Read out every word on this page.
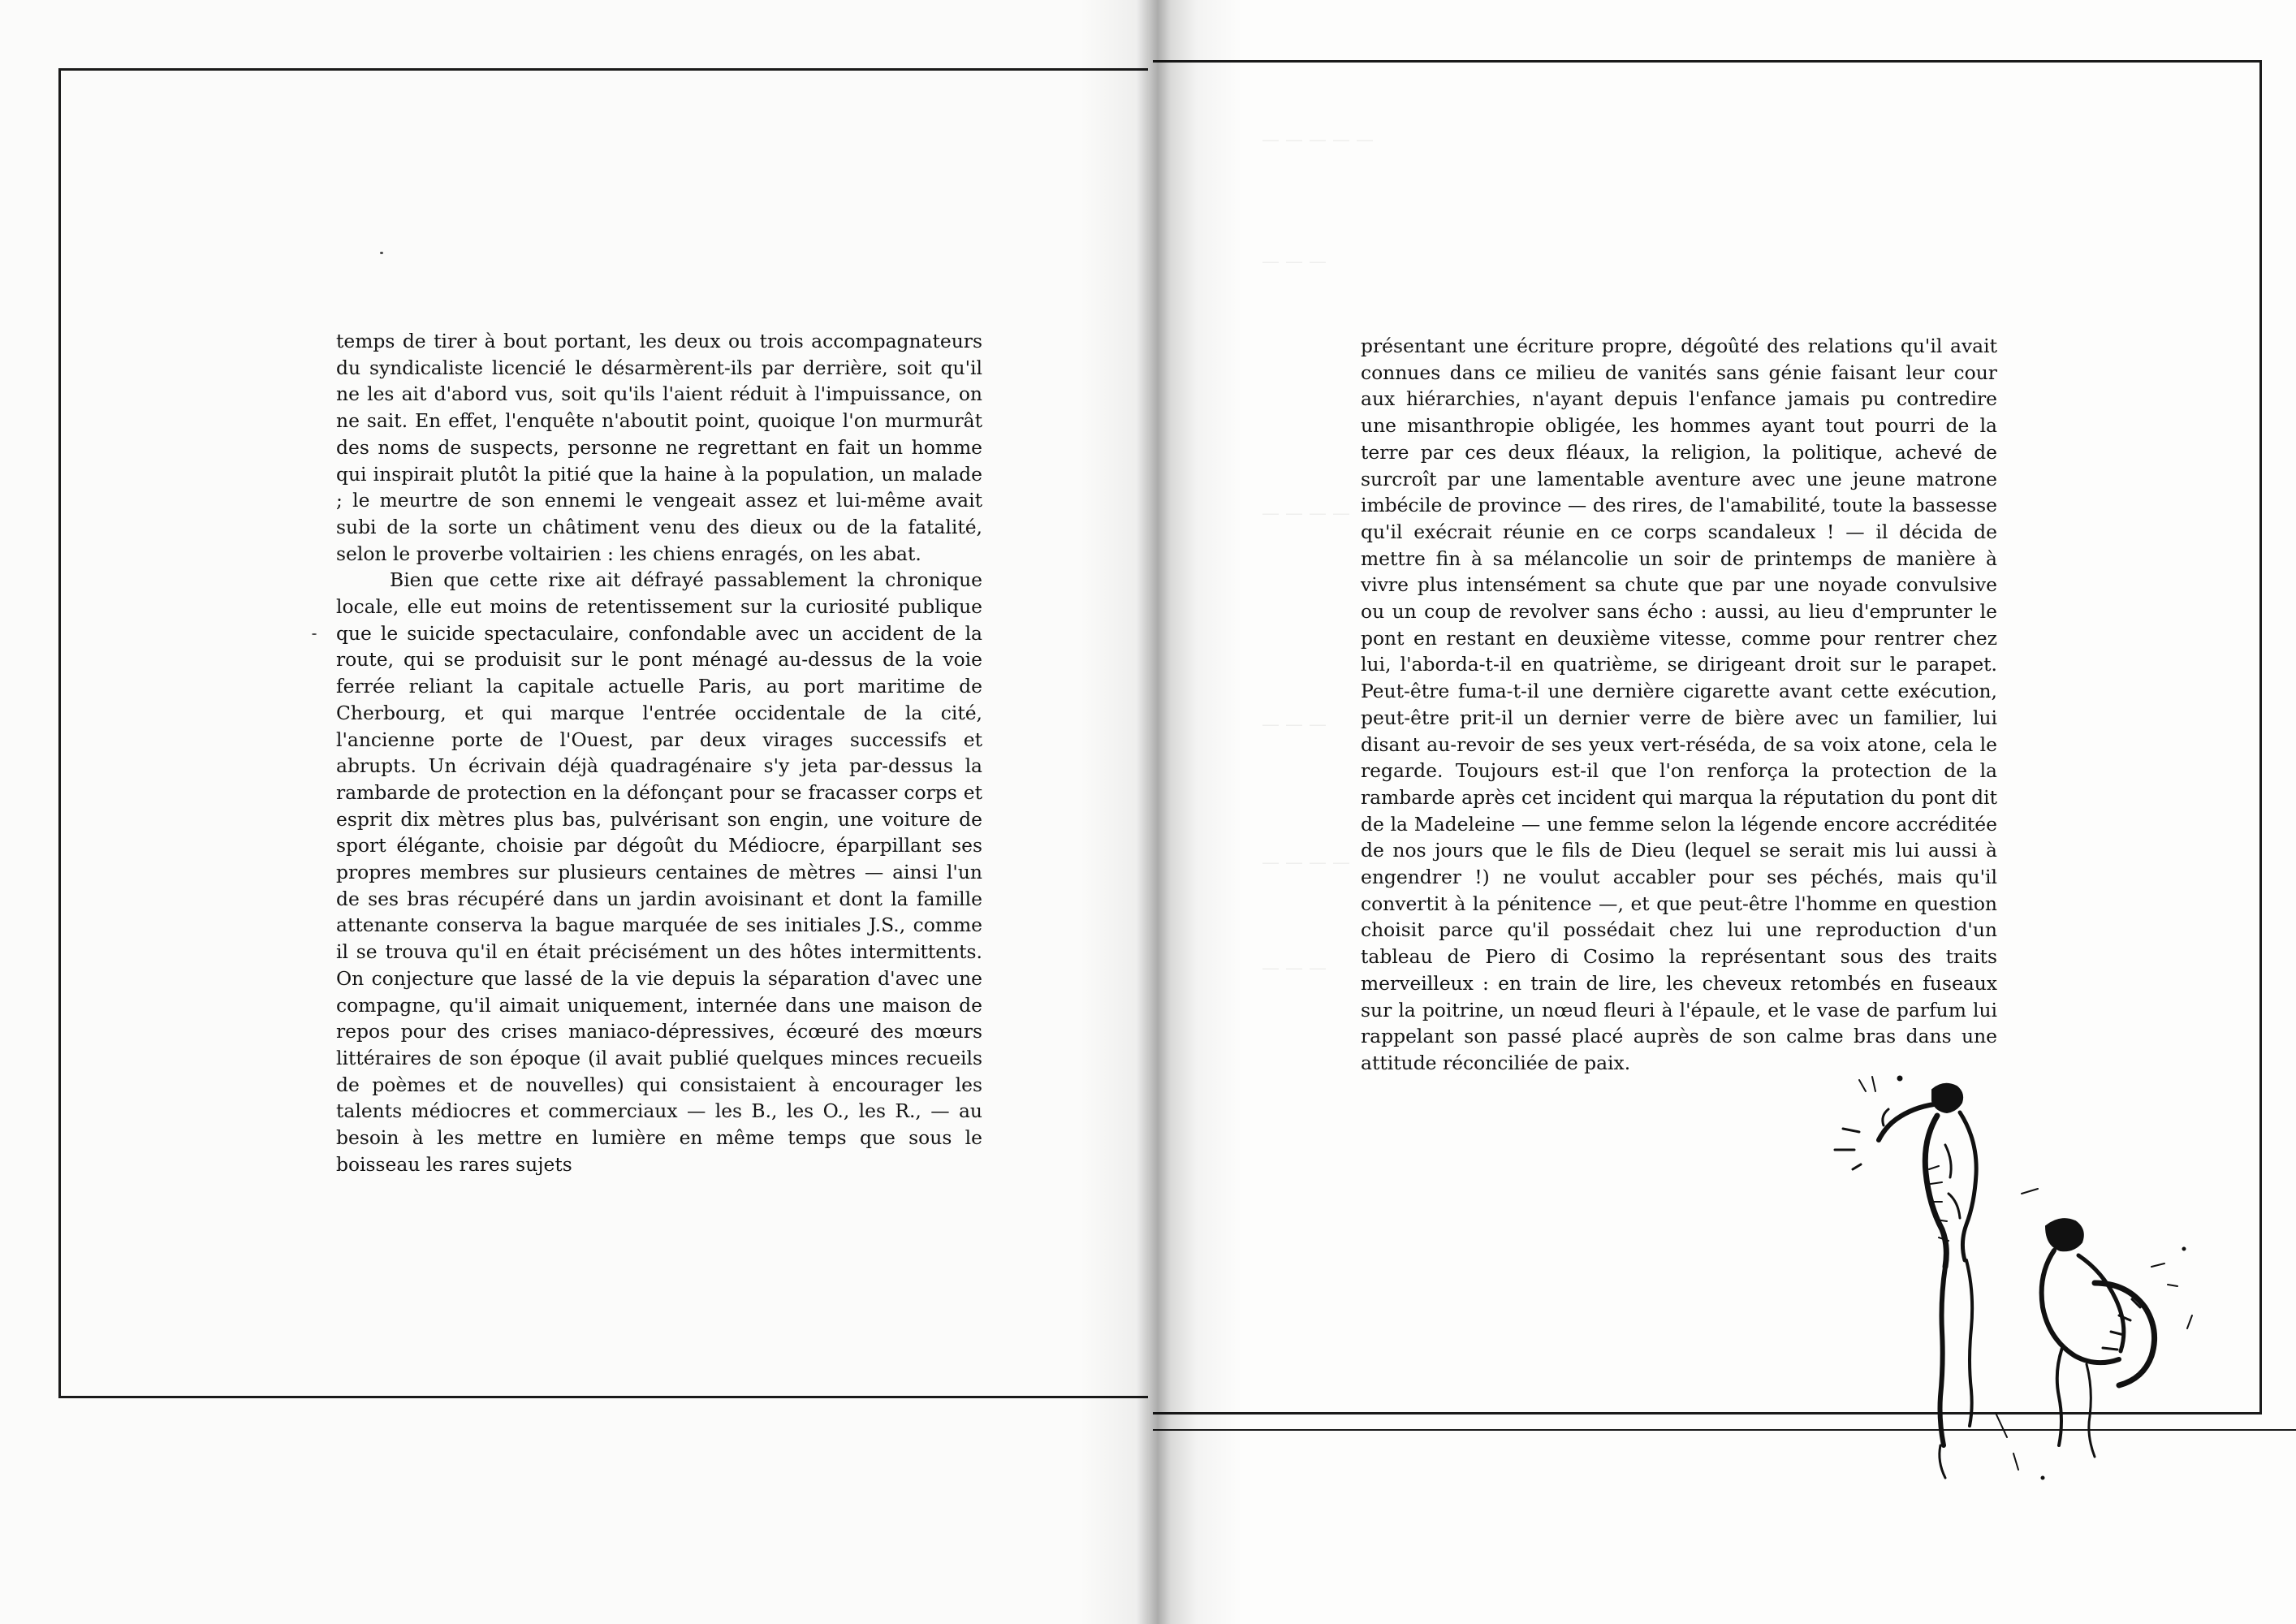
temps de tirer à bout portant, les deux ou trois accompagnateurs du syndicaliste licencié le désarmèrent-ils par derrière, soit qu'il ne les ait d'abord vus, soit qu'ils l'aient réduit à l'impuissance, on ne sait. En effet, l'enquête n'aboutit point, quoique l'on murmurât des noms de suspects, personne ne regrettant en fait un homme qui inspirait plutôt la pitié que la haine à la population, un malade ; le meurtre de son ennemi le vengeait assez et lui-même avait subi de la sorte un châtiment venu des dieux ou de la fatalité, selon le proverbe voltairien : les chiens enragés, on les abat.

Bien que cette rixe ait défrayé passablement la chronique locale, elle eut moins de retentissement sur la curiosité publique que le suicide spectaculaire, confondable avec un accident de la route, qui se produisit sur le pont ménagé au-dessus de la voie ferrée reliant la capitale actuelle Paris, au port maritime de Cherbourg, et qui marque l'entrée occidentale de la cité, l'ancienne porte de l'Ouest, par deux virages successifs et abrupts. Un écrivain déjà quadragénaire s'y jeta par-dessus la rambarde de protection en la défonçant pour se fracasser corps et esprit dix mètres plus bas, pulvérisant son engin, une voiture de sport élégante, choisie par dégoût du Médiocre, éparpillant ses propres membres sur plusieurs centaines de mètres — ainsi l'un de ses bras récupéré dans un jardin avoisinant et dont la famille attenante conserva la bague marquée de ses initiales J.S., comme il se trouva qu'il en était précisément un des hôtes intermittents. On conjecture que lassé de la vie depuis la séparation d'avec une compagne, qu'il aimait uniquement, internée dans une maison de repos pour des crises maniaco-dépressives, écœuré des mœurs littéraires de son époque (il avait publié quelques minces recueils de poèmes et de nouvelles) qui consistaient à encourager les talents médiocres et commerciaux — les B., les O., les R., — au besoin à les mettre en lumière en même temps que sous le boisseau les rares sujets

— — — — —
— — —
— — — —
— — —
— — — —
— — —

présentant une écriture propre, dégoûté des relations qu'il avait connues dans ce milieu de vanités sans génie faisant leur cour aux hiérarchies, n'ayant depuis l'enfance jamais pu contredire une misanthropie obligée, les hommes ayant tout pourri de la terre par ces deux fléaux, la religion, la politique, achevé de surcroît par une lamentable aventure avec une jeune matrone imbécile de province — des rires, de l'amabilité, toute la bassesse qu'il exécrait réunie en ce corps scandaleux ! — il décida de mettre fin à sa mélancolie un soir de printemps de manière à vivre plus intensément sa chute que par une noyade convulsive ou un coup de revolver sans écho : aussi, au lieu d'emprunter le pont en restant en deuxième vitesse, comme pour rentrer chez lui, l'aborda-t-il en quatrième, se dirigeant droit sur le parapet. Peut-être fuma-t-il une dernière cigarette avant cette exécution, peut-être prit-il un dernier verre de bière avec un familier, lui disant au-revoir de ses yeux vert-réséda, de sa voix atone, cela le regarde. Toujours est-il que l'on renforça la protection de la rambarde après cet incident qui marqua la réputation du pont dit de la Madeleine — une femme selon la légende encore accréditée de nos jours que le fils de Dieu (lequel se serait mis lui aussi à engendrer !) ne voulut accabler pour ses péchés, mais qu'il convertit à la pénitence —, et que peut-être l'homme en question choisit parce qu'il possédait chez lui une reproduction d'un tableau de Piero di Cosimo la représentant sous des traits merveilleux : en train de lire, les cheveux retombés en fuseaux sur la poitrine, un nœud fleuri à l'épaule, et le vase de parfum lui rappelant son passé placé auprès de son calme bras dans une attitude réconciliée de paix.
